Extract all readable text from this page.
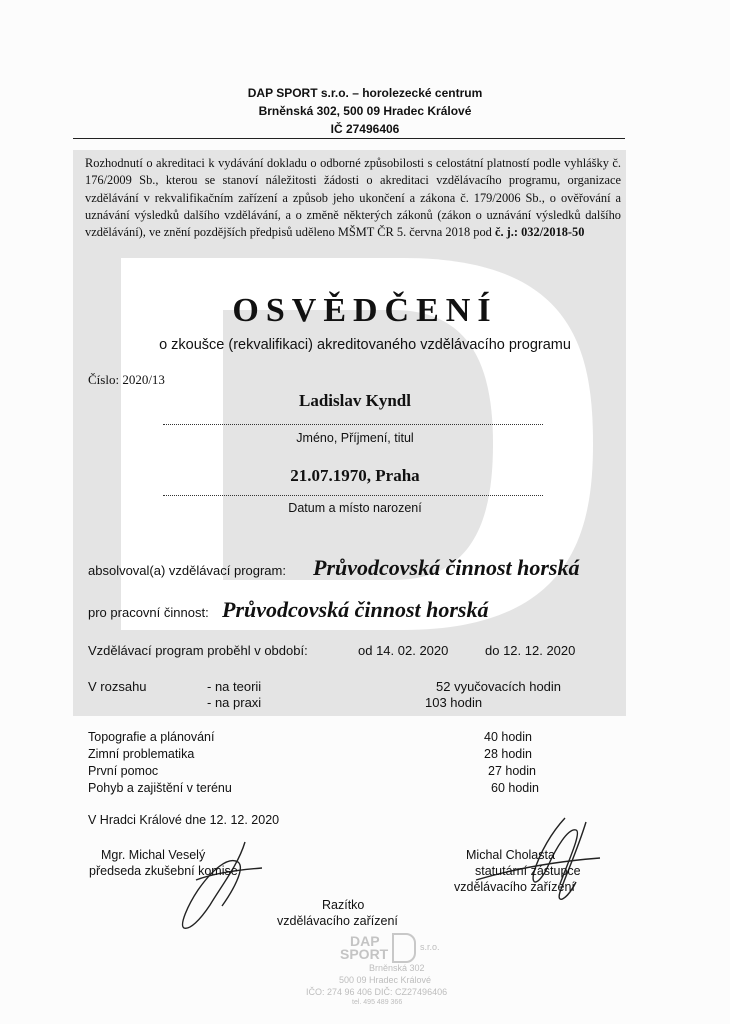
DAP SPORT s.r.o. – horolezecké centrum
Brněnská 302, 500 09 Hradec Králové
IČ 27496406
Rozhodnutí o akreditaci k vydávání dokladu o odborné způsobilosti s celostátní platností podle vyhlášky č. 176/2009 Sb., kterou se stanoví náležitosti žádosti o akreditaci vzdělávacího programu, organizace vzdělávání v rekvalifikačním zařízení a způsob jeho ukončení a zákona č. 179/2006 Sb., o ověřování a uznávání výsledků dalšího vzdělávání, a o změně některých zákonů (zákon o uznávání výsledků dalšího vzdělávání), ve znění pozdějších předpisů uděleno MŠMT ČR 5. června 2018 pod č. j.: 032/2018-50
OSVĚDČENÍ
o zkoušce (rekvalifikaci) akreditovaného vzdělávacího programu
Číslo: 2020/13
Ladislav Kyndl
Jméno, Příjmení, titul
21.07.1970, Praha
Datum a místo narození
absolvoval(a) vzdělávací program: Průvodcovská činnost horská
pro pracovní činnost: Průvodcovská činnost horská
Vzdělávací program proběhl v období:	od 14. 02. 2020	do 12. 12. 2020
V rozsahu	- na teorii	52 vyučovacích hodin
- na praxi	103 hodin
Topografie a plánování	40 hodin
Zimní problematika	28 hodin
První pomoc	27 hodin
Pohyb a zajištění v terénu	60 hodin
V Hradci Králové dne 12. 12. 2020
Mgr. Michal Veselý
předseda zkušební komise
Michal Cholasta
statutární zástupce
vzdělávacího zařízení
Razítko
vzdělávacího zařízení
DAP
SPORT	s.r.o.
Brněnská 302
500 09 Hradec Králové
IČO: 274 96 406 DIČ: CZ27496406
tel. 495 489 366
